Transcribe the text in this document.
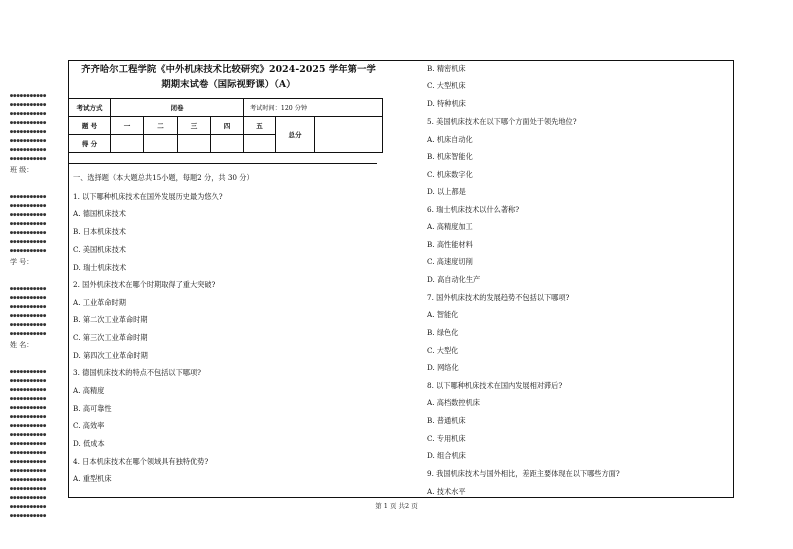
●●●●●●●●●●●
●●●●●●●●●●●
●●●●●●●●●●●
●●●●●●●●●●●
●●●●●●●●●●●
●●●●●●●●●●●
●●●●●●●●●●●
●●●●●●●●●●●
班 级：
●●●●●●●●●●●
●●●●●●●●●●●
●●●●●●●●●●●
●●●●●●●●●●●
●●●●●●●●●●●
●●●●●●●●●●●
●●●●●●●●●●●
学 号：
●●●●●●●●●●●
●●●●●●●●●●●
●●●●●●●●●●●
●●●●●●●●●●●
●●●●●●●●●●●
●●●●●●●●●●●
姓 名：
●●●●●●●●●●●
●●●●●●●●●●●
●●●●●●●●●●●
●●●●●●●●●●●
●●●●●●●●●●●
●●●●●●●●●●●
●●●●●●●●●●●
●●●●●●●●●●●
●●●●●●●●●●●
●●●●●●●●●●●
●●●●●●●●●●●
●●●●●●●●●●●
●●●●●●●●●●●
●●●●●●●●●●●
●●●●●●●●●●●
●●●●●●●●●●●
●●●●●●●●●●●
齐齐哈尔工程学院《中外机床技术比较研究》2024-2025 学年第一学
期期末试卷（国际视野课）（A）
考试方式	闭卷				考试时间：120 分钟		
题 号	一	二	三	四	五	总分	
得 分							
一、选择题（本大题总共15小题，每题2 分，共 30 分）
1. 以下哪种机床技术在国外发展历史最为悠久?
A. 德国机床技术
B. 日本机床技术
C. 美国机床技术
D. 瑞士机床技术
2. 国外机床技术在哪个时期取得了重大突破?
A. 工业革命时期
B. 第二次工业革命时期
C. 第三次工业革命时期
D. 第四次工业革命时期
3. 德国机床技术的特点不包括以下哪项?
A. 高精度
B. 高可靠性
C. 高效率
D. 低成本
4. 日本机床技术在哪个领域具有独特优势?
A. 重型机床
B. 精密机床
C. 大型机床
D. 特种机床
5. 美国机床技术在以下哪个方面处于领先地位?
A. 机床自动化
B. 机床智能化
C. 机床数字化
D. 以上都是
6. 瑞士机床技术以什么著称?
A. 高精度加工
B. 高性能材料
C. 高速度切削
D. 高自动化生产
7. 国外机床技术的发展趋势不包括以下哪项?
A. 智能化
B. 绿色化
C. 大型化
D. 网络化
8. 以下哪种机床技术在国内发展相对滞后?
A. 高档数控机床
B. 普通机床
C. 专用机床
D. 组合机床
9. 我国机床技术与国外相比，差距主要体现在以下哪些方面?
A. 技术水平
第 1 页 共2 页
